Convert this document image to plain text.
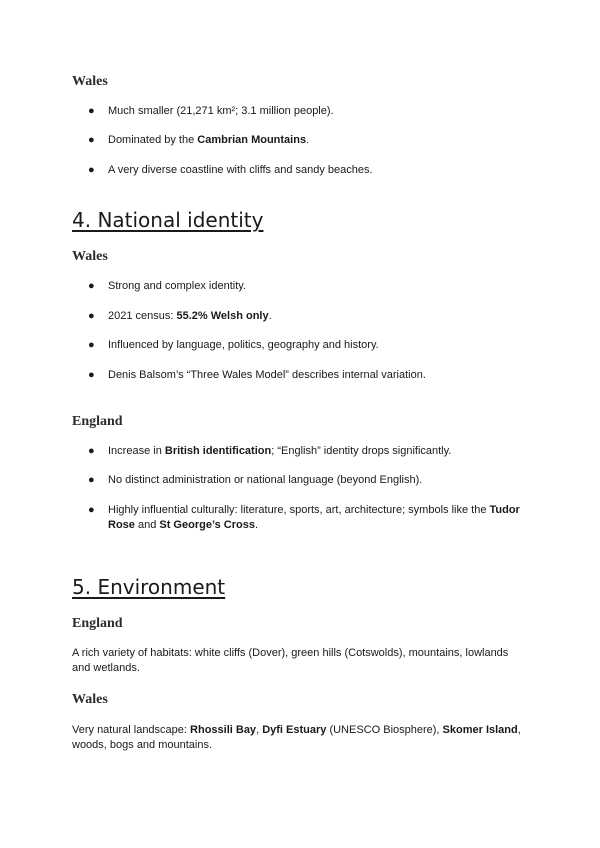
Wales
●	Much smaller (21,271 km²; 3.1 million people).
●	Dominated by the Cambrian Mountains.
●	A very diverse coastline with cliffs and sandy beaches.
4. National identity
Wales
●	Strong and complex identity.
●	2021 census: 55.2% Welsh only.
●	Influenced by language, politics, geography and history.
●	Denis Balsom’s “Three Wales Model” describes internal variation.
England
●	Increase in British identification; “English” identity drops significantly.
●	No distinct administration or national language (beyond English).
●	Highly influential culturally: literature, sports, art, architecture; symbols like the Tudor Rose and St George’s Cross.
5. Environment
England
A rich variety of habitats: white cliffs (Dover), green hills (Cotswolds), mountains, lowlands and wetlands.
Wales
Very natural landscape: Rhossili Bay, Dyfi Estuary (UNESCO Biosphere), Skomer Island, woods, bogs and mountains.
